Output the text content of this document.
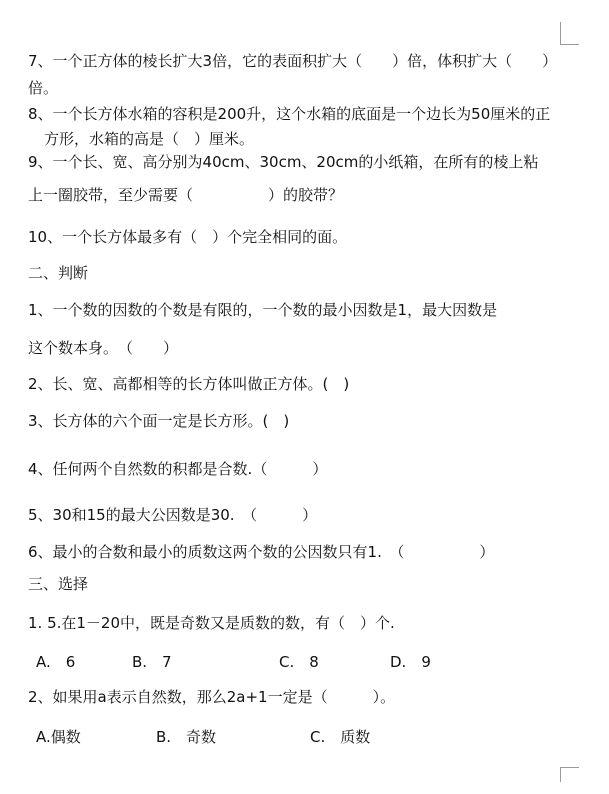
7、一个正方体的棱长扩大3倍，它的表面积扩大（　　）倍，体积扩大（　　）
倍。
8、一个长方体水箱的容积是200升，这个水箱的底面是一个边长为50厘米的正
方形，水箱的高是（　）厘米。
9、一个长、宽、高分别为40cm、30cm、20cm的小纸箱，在所有的棱上粘
上一圈胶带，至少需要（　　　　　）的胶带？
10、一个长方体最多有（　）个完全相同的面。
二、判断
1、一个数的因数的个数是有限的，一个数的最小因数是1，最大因数是
这个数本身。　（　　）
2、长、宽、高都相等的长方体叫做正方体。(　)
3、长方体的六个面一定是长方形。(　)
4、任何两个自然数的积都是合数.（　　　）
5、30和15的最大公因数是30.　（　　　）
6、最小的合数和最小的质数这两个数的公因数只有1.　（　　　　　）
三、选择
1. 5.在1－20中，既是奇数又是质数的数，有（　）个.
A.　6	B.　7	C.　8	D.　9
2、如果用a表示自然数，那么2a+1一定是（　　　）。
A.偶数	B.　奇数	C.　质数
